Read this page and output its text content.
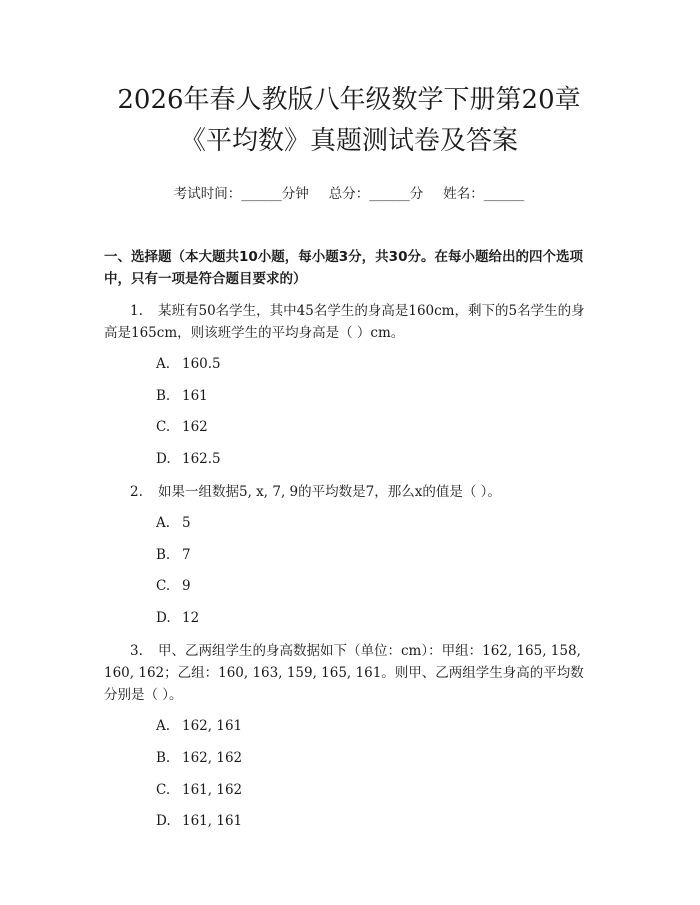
2026年春人教版八年级数学下册第20章
《平均数》真题测试卷及答案
考试时间：______分钟 总分：______分 姓名：______
一、选择题（本大题共10小题，每小题3分，共30分。在每小题给出的四个选项中，只有一项是符合题目要求的）
1. 某班有50名学生，其中45名学生的身高是160cm，剩下的5名学生的身高是165cm，则该班学生的平均身高是（ ）cm。
A. 160.5
B. 161
C. 162
D. 162.5
2. 如果一组数据5, x, 7, 9的平均数是7，那么x的值是（ ）。
A. 5
B. 7
C. 9
D. 12
3. 甲、乙两组学生的身高数据如下（单位：cm）：甲组：162, 165, 158, 160, 162；乙组：160, 163, 159, 165, 161。则甲、乙两组学生身高的平均数分别是（ ）。
A. 162, 161
B. 162, 162
C. 161, 162
D. 161, 161
